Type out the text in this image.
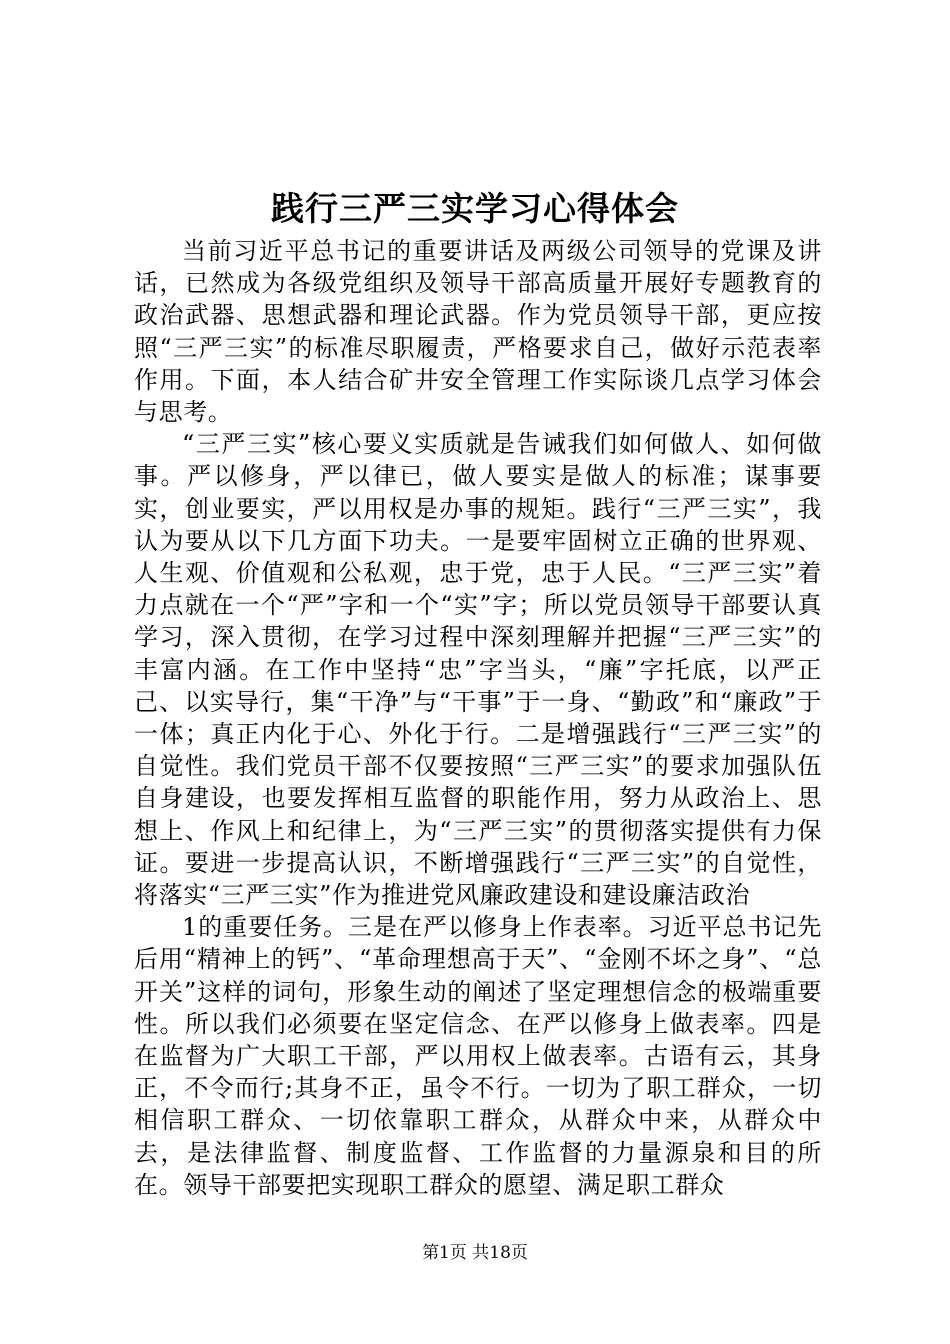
践行三严三实学习心得体会

当前习近平总书记的重要讲话及两级公司领导的党课及讲话，已然成为各级党组织及领导干部高质量开展好专题教育的政治武器、思想武器和理论武器。作为党员领导干部，更应按照“三严三实”的标准尽职履责，严格要求自己，做好示范表率作用。下面，本人结合矿井安全管理工作实际谈几点学习体会与思考。

“三严三实”核心要义实质就是告诫我们如何做人、如何做事。严以修身，严以律已，做人要实是做人的标准；谋事要实，创业要实，严以用权是办事的规矩。践行“三严三实”，我认为要从以下几方面下功夫。一是要牢固树立正确的世界观、人生观、价值观和公私观，忠于党，忠于人民。“三严三实”着力点就在一个“严”字和一个“实”字；所以党员领导干部要认真学习，深入贯彻，在学习过程中深刻理解并把握“三严三实”的丰富内涵。在工作中坚持“忠”字当头，“廉”字托底，以严正己、以实导行，集“干净”与“干事”于一身、“勤政”和“廉政”于一体；真正内化于心、外化于行。二是增强践行“三严三实”的自觉性。我们党员干部不仅要按照“三严三实”的要求加强队伍自身建设，也要发挥相互监督的职能作用，努力从政治上、思想上、作风上和纪律上，为“三严三实”的贯彻落实提供有力保证。要进一步提高认识，不断增强践行“三严三实”的自觉性，将落实“三严三实”作为推进党风廉政建设和建设廉洁政治

1的重要任务。三是在严以修身上作表率。习近平总书记先后用“精神上的钙”、“革命理想高于天”、“金刚不坏之身”、“总开关”这样的词句，形象生动的阐述了坚定理想信念的极端重要性。所以我们必须要在坚定信念、在严以修身上做表率。四是在监督为广大职工干部，严以用权上做表率。古语有云，其身正，不令而行;其身不正，虽令不行。一切为了职工群众，一切相信职工群众、一切依靠职工群众，从群众中来，从群众中去，是法律监督、制度监督、工作监督的力量源泉和目的所在。领导干部要把实现职工群众的愿望、满足职工群众

第1页 共18页
